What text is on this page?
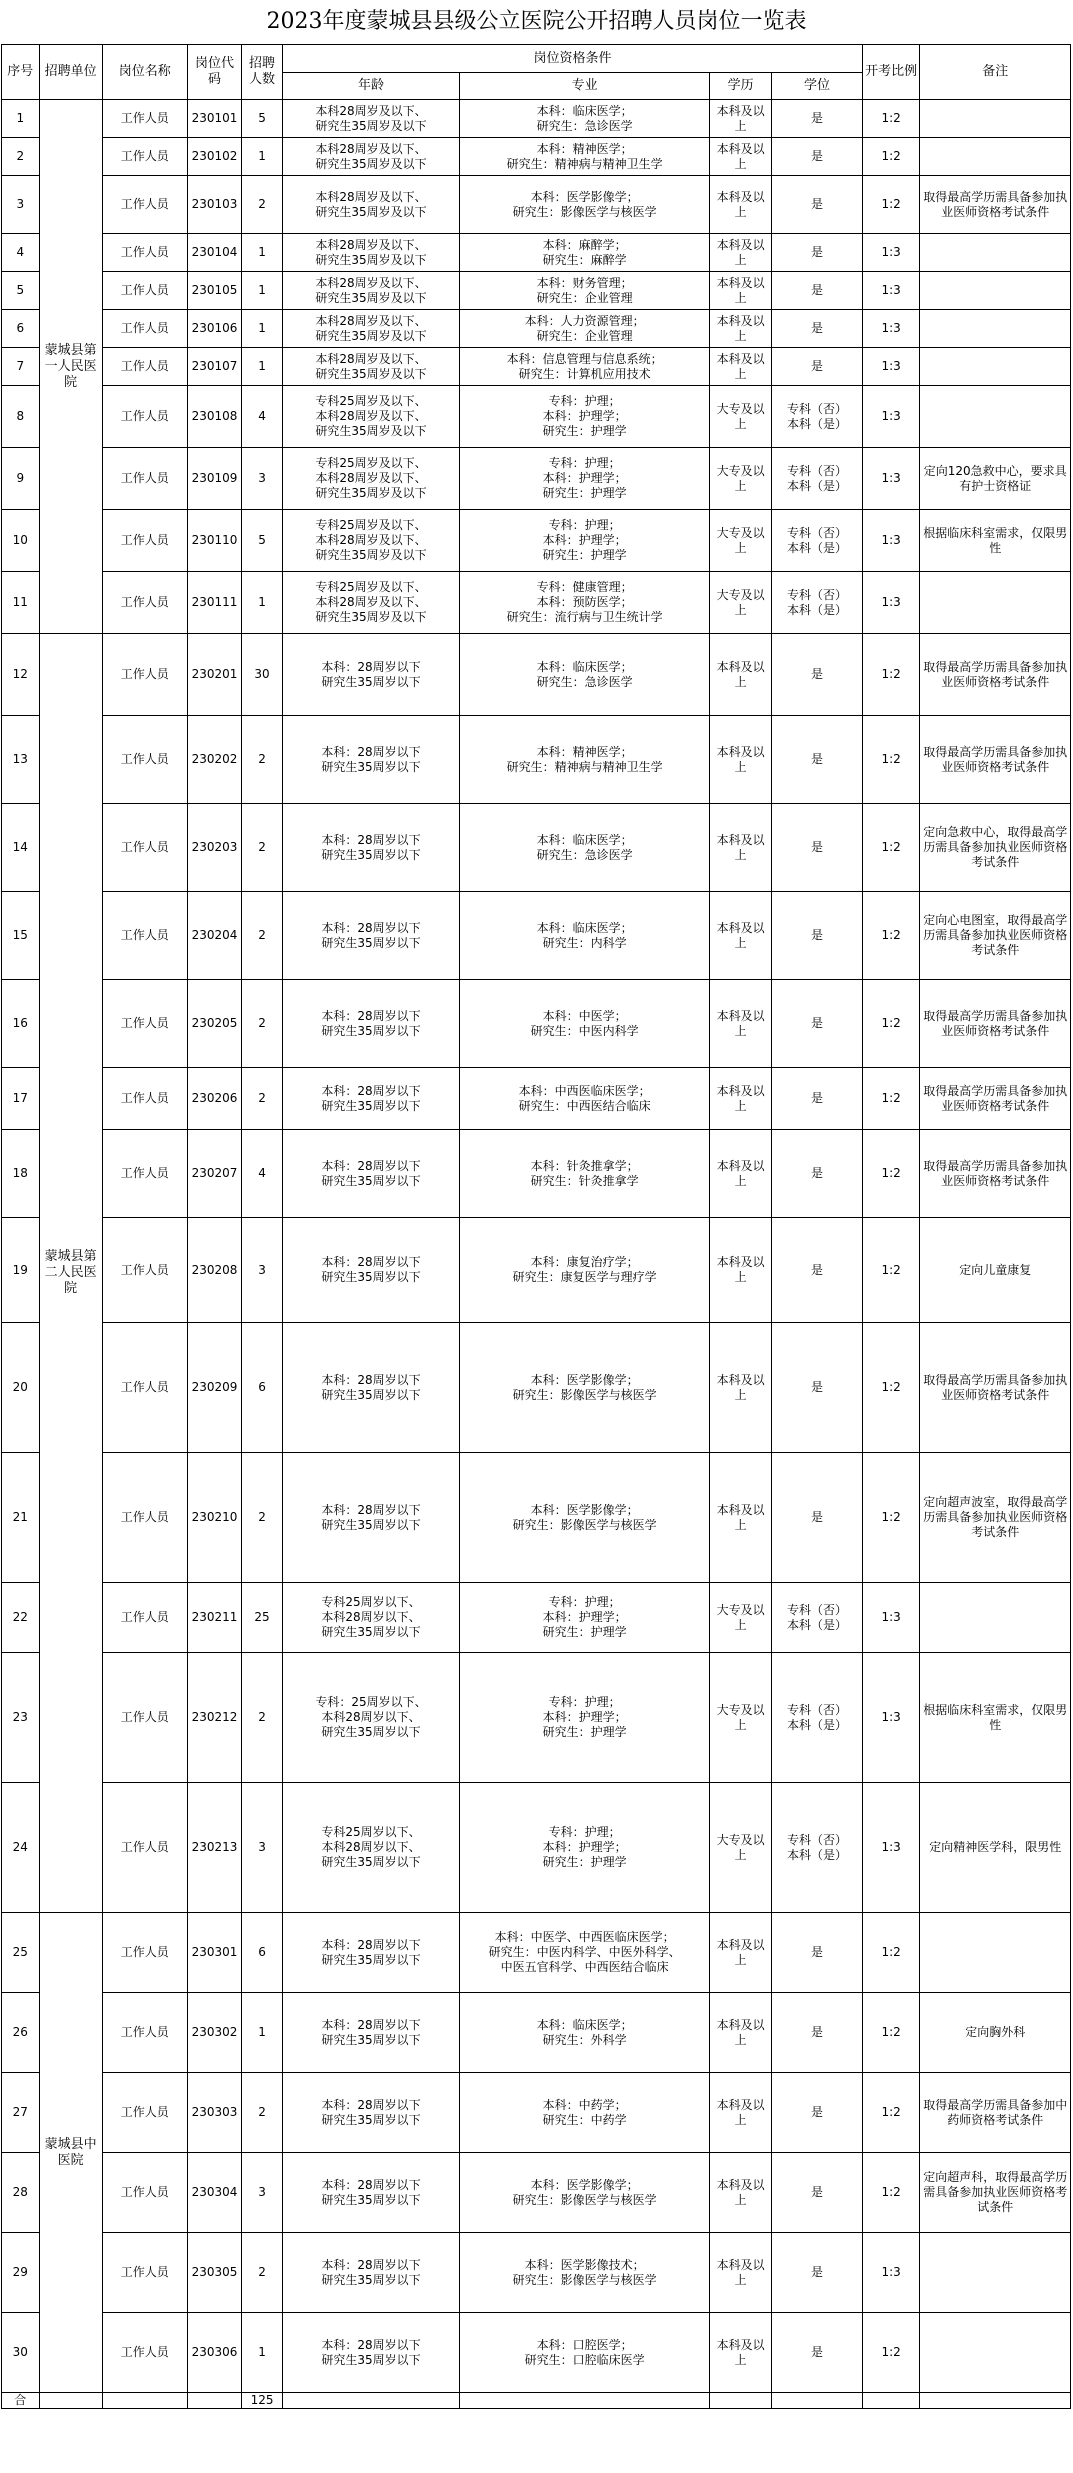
2023年度蒙城县县级公立医院公开招聘人员岗位一览表
序号	招聘单位	岗位名称	岗位代码	招聘人数	岗位资格条件				开考比例	备注
					年龄	专业	学历	学位		
1	蒙城县第一人民医院	工作人员	230101	5	本科28周岁及以下、
研究生35周岁及以下	本科：临床医学；
研究生：急诊医学	本科及以上	是	1:2	
2		工作人员	230102	1	本科28周岁及以下、
研究生35周岁及以下	本科：精神医学；
研究生：精神病与精神卫生学	本科及以上	是	1:2	
3		工作人员	230103	2	本科28周岁及以下、
研究生35周岁及以下	本科：医学影像学；
研究生：影像医学与核医学	本科及以上	是	1:2	取得最高学历需具备参加执业医师资格考试条件
4		工作人员	230104	1	本科28周岁及以下、
研究生35周岁及以下	本科：麻醉学；
研究生：麻醉学	本科及以上	是	1:3	
5		工作人员	230105	1	本科28周岁及以下、
研究生35周岁及以下	本科：财务管理；
研究生：企业管理	本科及以上	是	1:3	
6		工作人员	230106	1	本科28周岁及以下、
研究生35周岁及以下	本科：人力资源管理；
研究生：企业管理	本科及以上	是	1:3	
7		工作人员	230107	1	本科28周岁及以下、
研究生35周岁及以下	本科：信息管理与信息系统；
研究生：计算机应用技术	本科及以上	是	1:3	
8		工作人员	230108	4	专科25周岁及以下、
本科28周岁及以下、
研究生35周岁及以下	专科：护理；
本科：护理学；
研究生：护理学	大专及以上	专科（否）
本科（是）	1:3	
9		工作人员	230109	3	专科25周岁及以下、
本科28周岁及以下、
研究生35周岁及以下	专科：护理；
本科：护理学；
研究生：护理学	大专及以上	专科（否）
本科（是）	1:3	定向120急救中心，要求具有护士资格证
10		工作人员	230110	5	专科25周岁及以下、
本科28周岁及以下、
研究生35周岁及以下	专科：护理；
本科：护理学；
研究生：护理学	大专及以上	专科（否）
本科（是）	1:3	根据临床科室需求，仅限男性
11		工作人员	230111	1	专科25周岁及以下、
本科28周岁及以下、
研究生35周岁及以下	专科：健康管理；
本科：预防医学；
研究生：流行病与卫生统计学	大专及以上	专科（否）
本科（是）	1:3	
12	蒙城县第二人民医院	工作人员	230201	30	本科：28周岁以下
研究生35周岁以下	本科：临床医学；
研究生：急诊医学	本科及以上	是	1:2	取得最高学历需具备参加执业医师资格考试条件
13		工作人员	230202	2	本科：28周岁以下
研究生35周岁以下	本科：精神医学；
研究生：精神病与精神卫生学	本科及以上	是	1:2	取得最高学历需具备参加执业医师资格考试条件
14		工作人员	230203	2	本科：28周岁以下
研究生35周岁以下	本科：临床医学；
研究生：急诊医学	本科及以上	是	1:2	定向急救中心，取得最高学历需具备参加执业医师资格考试条件
15		工作人员	230204	2	本科：28周岁以下
研究生35周岁以下	本科：临床医学；
研究生：内科学	本科及以上	是	1:2	定向心电图室，取得最高学历需具备参加执业医师资格考试条件
16		工作人员	230205	2	本科：28周岁以下
研究生35周岁以下	本科：中医学；
研究生：中医内科学	本科及以上	是	1:2	取得最高学历需具备参加执业医师资格考试条件
17		工作人员	230206	2	本科：28周岁以下
研究生35周岁以下	本科：中西医临床医学；
研究生：中西医结合临床	本科及以上	是	1:2	取得最高学历需具备参加执业医师资格考试条件
18		工作人员	230207	4	本科：28周岁以下
研究生35周岁以下	本科：针灸推拿学；
研究生：针灸推拿学	本科及以上	是	1:2	取得最高学历需具备参加执业医师资格考试条件
19		工作人员	230208	3	本科：28周岁以下
研究生35周岁以下	本科：康复治疗学；
研究生：康复医学与理疗学	本科及以上	是	1:2	定向儿童康复
20		工作人员	230209	6	本科：28周岁以下
研究生35周岁以下	本科：医学影像学；
研究生：影像医学与核医学	本科及以上	是	1:2	取得最高学历需具备参加执业医师资格考试条件
21		工作人员	230210	2	本科：28周岁以下
研究生35周岁以下	本科：医学影像学；
研究生：影像医学与核医学	本科及以上	是	1:2	定向超声波室，取得最高学历需具备参加执业医师资格考试条件
22		工作人员	230211	25	专科25周岁以下、
本科28周岁以下、
研究生35周岁以下	专科：护理；
本科：护理学；
研究生：护理学	大专及以上	专科（否）
本科（是）	1:3	
23		工作人员	230212	2	专科：25周岁以下、
本科28周岁以下、
研究生35周岁以下	专科：护理；
本科：护理学；
研究生：护理学	大专及以上	专科（否）
本科（是）	1:3	根据临床科室需求，仅限男性
24		工作人员	230213	3	专科25周岁以下、
本科28周岁以下、
研究生35周岁以下	专科：护理；
本科：护理学；
研究生：护理学	大专及以上	专科（否）
本科（是）	1:3	定向精神医学科，限男性
25	蒙城县中医院	工作人员	230301	6	本科：28周岁以下
研究生35周岁以下	本科：中医学、中西医临床医学；
研究生：中医内科学、中医外科学、
中医五官科学、中西医结合临床	本科及以上	是	1:2	
26		工作人员	230302	1	本科：28周岁以下
研究生35周岁以下	本科：临床医学；
研究生：外科学	本科及以上	是	1:2	定向胸外科
27		工作人员	230303	2	本科：28周岁以下
研究生35周岁以下	本科：中药学；
研究生：中药学	本科及以上	是	1:2	取得最高学历需具备参加中药师资格考试条件
28		工作人员	230304	3	本科：28周岁以下
研究生35周岁以下	本科：医学影像学；
研究生：影像医学与核医学	本科及以上	是	1:2	定向超声科，取得最高学历需具备参加执业医师资格考试条件
29		工作人员	230305	2	本科：28周岁以下
研究生35周岁以下	本科：医学影像技术；
研究生：影像医学与核医学	本科及以上	是	1:3	
30		工作人员	230306	1	本科：28周岁以下
研究生35周岁以下	本科：口腔医学；
研究生：口腔临床医学	本科及以上	是	1:2	
合				125						
